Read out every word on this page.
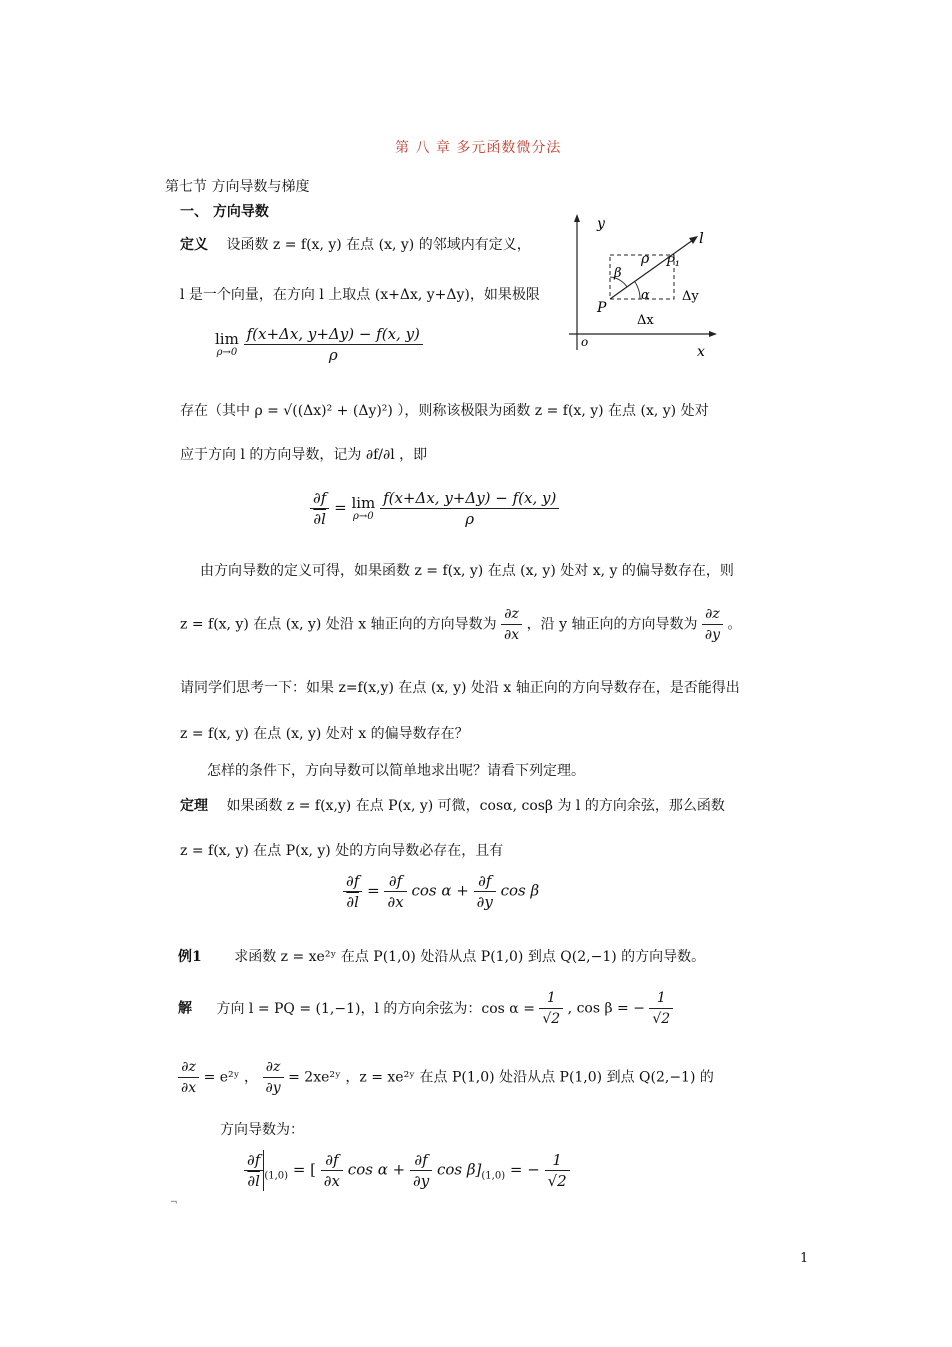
第 八 章 多元函数微分法
第七节 方向导数与梯度
一、 方向导数
定义 设函数 z = f(x, y) 在点 (x, y) 的邻域内有定义，
l 是一个向量，在方向 l 上取点 (x+Δx, y+Δy)，如果极限
lim
ρ→0
$\frac{f(x+\Delta x, y+\Delta y) - f(x, y)}{\rho}$
y
x
o
l
ρ P₁
P
β
α Δy
Δx
存在（其中 ρ = √((Δx)² + (Δy)²) ），则称该极限为函数 z = f(x, y) 在点 (x, y) 处对
应于方向 l 的方向导数，记为 ∂f/∂l ，即
$\frac{\partial f}{\partial l} = \lim$
ρ→0
$\frac{f(x+\Delta x, y+\Delta y) - f(x, y)}{\rho}$
由方向导数的定义可得，如果函数 z = f(x, y) 在点 (x, y) 处对 x, y 的偏导数存在，则
z = f(x, y) 在点 (x, y) 处沿 x 轴正向的方向导数为 $\frac{\partial z}{\partial x}$ ，沿 y 轴正向的方向导数为 $\frac{\partial z}{\partial y}$ 。
请同学们思考一下：如果 z=f(x,y) 在点 (x, y) 处沿 x 轴正向的方向导数存在，是否能得出
z = f(x, y) 在点 (x, y) 处对 x 的偏导数存在？
怎样的条件下，方向导数可以简单地求出呢？请看下列定理。
定理 如果函数 z = f(x,y) 在点 P(x, y) 可微，cosα, cosβ 为 l 的方向余弦，那么函数
z = f(x, y) 在点 P(x, y) 处的方向导数必存在，且有
$\frac{\partial f}{\partial l} = \frac{\partial f}{\partial x}$ $\cos \alpha + \frac{\partial f}{\partial y}$ cos β
例1 求函数 z = xe²ʸ 在点 P(1,0) 处沿从点 P(1,0) 到点 Q(2,−1) 的方向导数。
解 方向 l = PQ = (1,−1)，l 的方向余弦为：$\cos \alpha = \frac{1}{√2}$ , cos β = − $\frac{1}{√2}$
$\frac{\partial z}{\partial x}$ = e²ʸ ， $\frac{\partial z}{\partial y}$ = 2xe²ʸ ，z = xe²ʸ 在点 P(1,0) 处沿从点 P(1,0) 到点 Q(2,−1) 的
方向导数为：
$\frac{\partial f}{\partial l} _{(1,0)}$ = [ $\frac{\partial f}{\partial x}$ $\cos \alpha + \frac{\partial f}{\partial y}$ $\cos \beta]_{(1,0)}$ = − $\frac{1}{√2}$
¬
1
